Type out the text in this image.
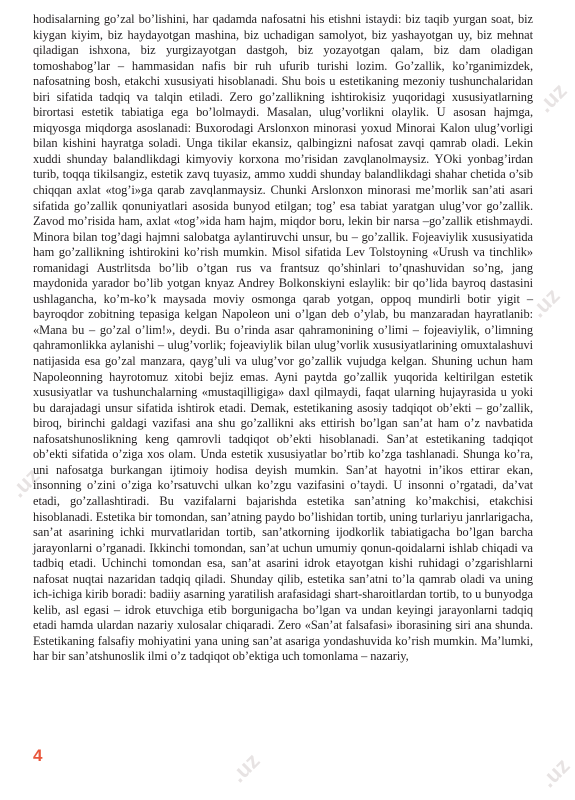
.uz
.uz
.uz
.uz	.uz

hodisalarning go’zal bo’lishini, har qadamda nafosatni his etishni istaydi: biz taqib yurgan soat, biz kiygan kiyim, biz haydayotgan mashina, biz uchadigan samolyot, biz yashayotgan uy, biz mehnat qiladigan ishxona, biz yurgizayotgan dastgoh, biz yozayotgan qalam, biz dam oladigan tomoshabog’lar – hammasidan nafis bir ruh ufurib turishi lozim. Go’zallik, ko’rganimizdek, nafosatning bosh, etakchi xususiyati hisoblanadi. Shu bois u estetikaning mezoniy tushunchalaridan biri sifatida tadqiq va talqin etiladi. Zero go’zallikning ishtirokisiz yuqoridagi xususiyatlarning birortasi estetik tabiatiga ega bo’lolmaydi. Masalan, ulug’vorlikni olaylik. U asosan hajmga, miqyosga miqdorga asoslanadi: Buxorodagi Arslonxon minorasi yoxud Minorai Kalon ulug’vorligi bilan kishini hayratga soladi. Unga tikilar ekansiz, qalbingizni nafosat zavqi qamrab oladi. Lekin xuddi shunday balandlikdagi kimyoviy korxona mo’risidan zavqlanolmaysiz. YOki yonbag’irdan turib, toqqa tikilsangiz, estetik zavq tuyasiz, ammo xuddi shunday balandlikdagi shahar chetida o’sib chiqqan axlat «tog’i»ga qarab zavqlanmaysiz. Chunki Arslonxon minorasi me’morlik san’ati asari sifatida go’zallik qonuniyatlari asosida bunyod etilgan; tog’ esa tabiat yaratgan ulug’vor go’zallik. Zavod mo’risida ham, axlat «tog’»ida ham hajm, miqdor boru, lekin bir narsa –go’zallik etishmaydi. Minora bilan tog’dagi hajmni salobatga aylantiruvchi unsur, bu – go’zallik. Fojeaviylik xususiyatida ham go’zallikning ishtirokini ko’rish mumkin. Misol sifatida Lev Tolstoyning «Urush va tinchlik» romanidagi Austrlitsda bo’lib o’tgan rus va frantsuz qo’shinlari to’qnashuvidan so’ng, jang maydonida yarador bo’lib yotgan knyaz Andrey Bolkonskiyni eslaylik: bir qo’lida bayroq dastasini ushlagancha, ko’m-ko’k maysada moviy osmonga qarab yotgan, oppoq mundirli botir yigit – bayroqdor zobitning tepasiga kelgan Napoleon uni o’lgan deb o’ylab, bu manzaradan hayratlanib: «Mana bu – go’zal o’lim!», deydi. Bu o’rinda asar qahramonining o’limi – fojeaviylik, o’limning qahramonlikka aylanishi – ulug’vorlik; fojeaviylik bilan ulug’vorlik xususiyatlarining omuxtalashuvi natijasida esa go’zal manzara, qayg’uli va ulug’vor go’zallik vujudga kelgan. Shuning uchun ham Napoleonning hayrotomuz xitobi bejiz emas. Ayni paytda go’zallik yuqorida keltirilgan estetik xususiyatlar va tushunchalarning «mustaqilligiga» daxl qilmaydi, faqat ularning hujayrasida u yoki bu darajadagi unsur sifatida ishtirok etadi. Demak, estetikaning asosiy tadqiqot ob’ekti – go’zallik, biroq, birinchi galdagi vazifasi ana shu go’zallikni aks ettirish bo’lgan san’at ham o’z navbatida nafosatshunoslikning keng qamrovli tadqiqot ob’ekti hisoblanadi. San’at estetikaning tadqiqot ob’ekti sifatida o’ziga xos olam. Unda estetik xususiyatlar bo’rtib ko’zga tashlanadi. Shunga ko’ra, uni nafosatga burkangan ijtimoiy hodisa deyish mumkin. San’at hayotni in’ikos ettirar ekan, insonning o’zini o’ziga ko’rsatuvchi ulkan ko’zgu vazifasini o’taydi. U insonni o’rgatadi, da’vat etadi, go’zallashtiradi. Bu vazifalarni bajarishda estetika san’atning ko’makchisi, etakchisi hisoblanadi. Estetika bir tomondan, san’atning paydo bo’lishidan tortib, uning turlariyu janrlarigacha, san’at asarining ichki murvatlaridan tortib, san’atkorning ijodkorlik tabiatigacha bo’lgan barcha jarayonlarni o’rganadi. Ikkinchi tomondan, san’at uchun umumiy qonun-qoidalarni ishlab chiqadi va tadbiq etadi. Uchinchi tomondan esa, san’at asarini idrok etayotgan kishi ruhidagi o’zgarishlarni nafosat nuqtai nazaridan tadqiq qiladi. Shunday qilib, estetika san’atni to’la qamrab oladi va uning ich-ichiga kirib boradi: badiiy asarning yaratilish arafasidagi shart-sharoitlardan tortib, to u bunyodga kelib, asl egasi – idrok etuvchiga etib borgunigacha bo’lgan va undan keyingi jarayonlarni tadqiq etadi hamda ulardan nazariy xulosalar chiqaradi. Zero «San’at falsafasi» iborasining siri ana shunda. Estetikaning falsafiy mohiyatini yana uning san’at asariga yondashuvida ko’rish mumkin. Ma’lumki, har bir san’atshunoslik ilmi o’z tadqiqot ob’ektiga uch tomonlama – nazariy,

4
